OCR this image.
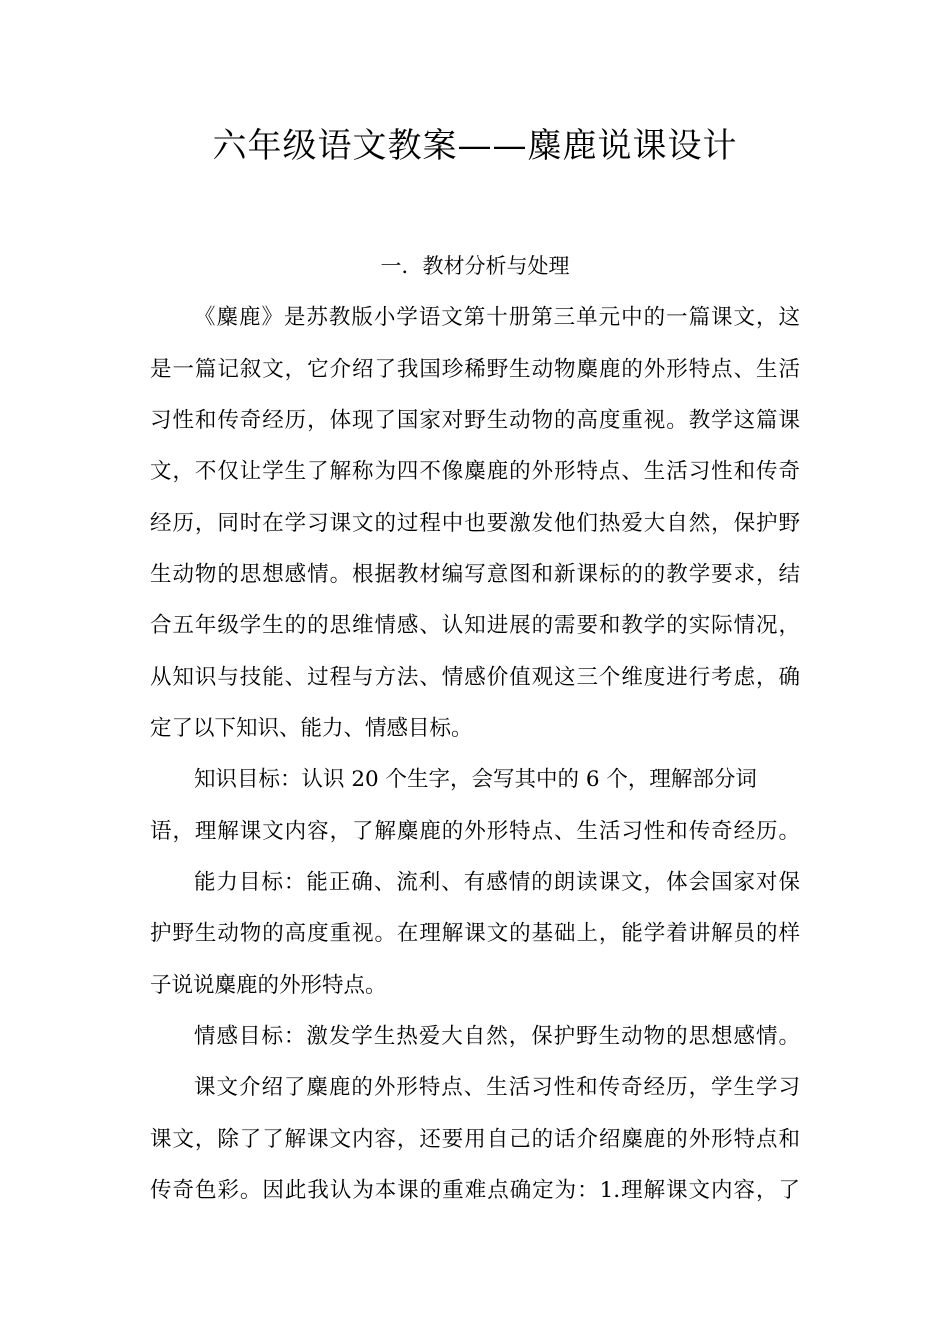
六年级语文教案——麋鹿说课设计
一．教材分析与处理
《麋鹿》是苏教版小学语文第十册第三单元中的一篇课文，这
是一篇记叙文，它介绍了我国珍稀野生动物麋鹿的外形特点、生活
习性和传奇经历，体现了国家对野生动物的高度重视。教学这篇课
文，不仅让学生了解称为四不像麋鹿的外形特点、生活习性和传奇
经历，同时在学习课文的过程中也要激发他们热爱大自然，保护野
生动物的思想感情。根据教材编写意图和新课标的的教学要求，结
合五年级学生的的思维情感、认知进展的需要和教学的实际情况，
从知识与技能、过程与方法、情感价值观这三个维度进行考虑，确
定了以下知识、能力、情感目标。
知识目标：认识 20 个生字，会写其中的 6 个，理解部分词
语，理解课文内容，了解麋鹿的外形特点、生活习性和传奇经历。
能力目标：能正确、流利、有感情的朗读课文，体会国家对保
护野生动物的高度重视。在理解课文的基础上，能学着讲解员的样
子说说麋鹿的外形特点。
情感目标：激发学生热爱大自然，保护野生动物的思想感情。
课文介绍了麋鹿的外形特点、生活习性和传奇经历，学生学习
课文，除了了解课文内容，还要用自己的话介绍麋鹿的外形特点和
传奇色彩。因此我认为本课的重难点确定为：1.理解课文内容，了
